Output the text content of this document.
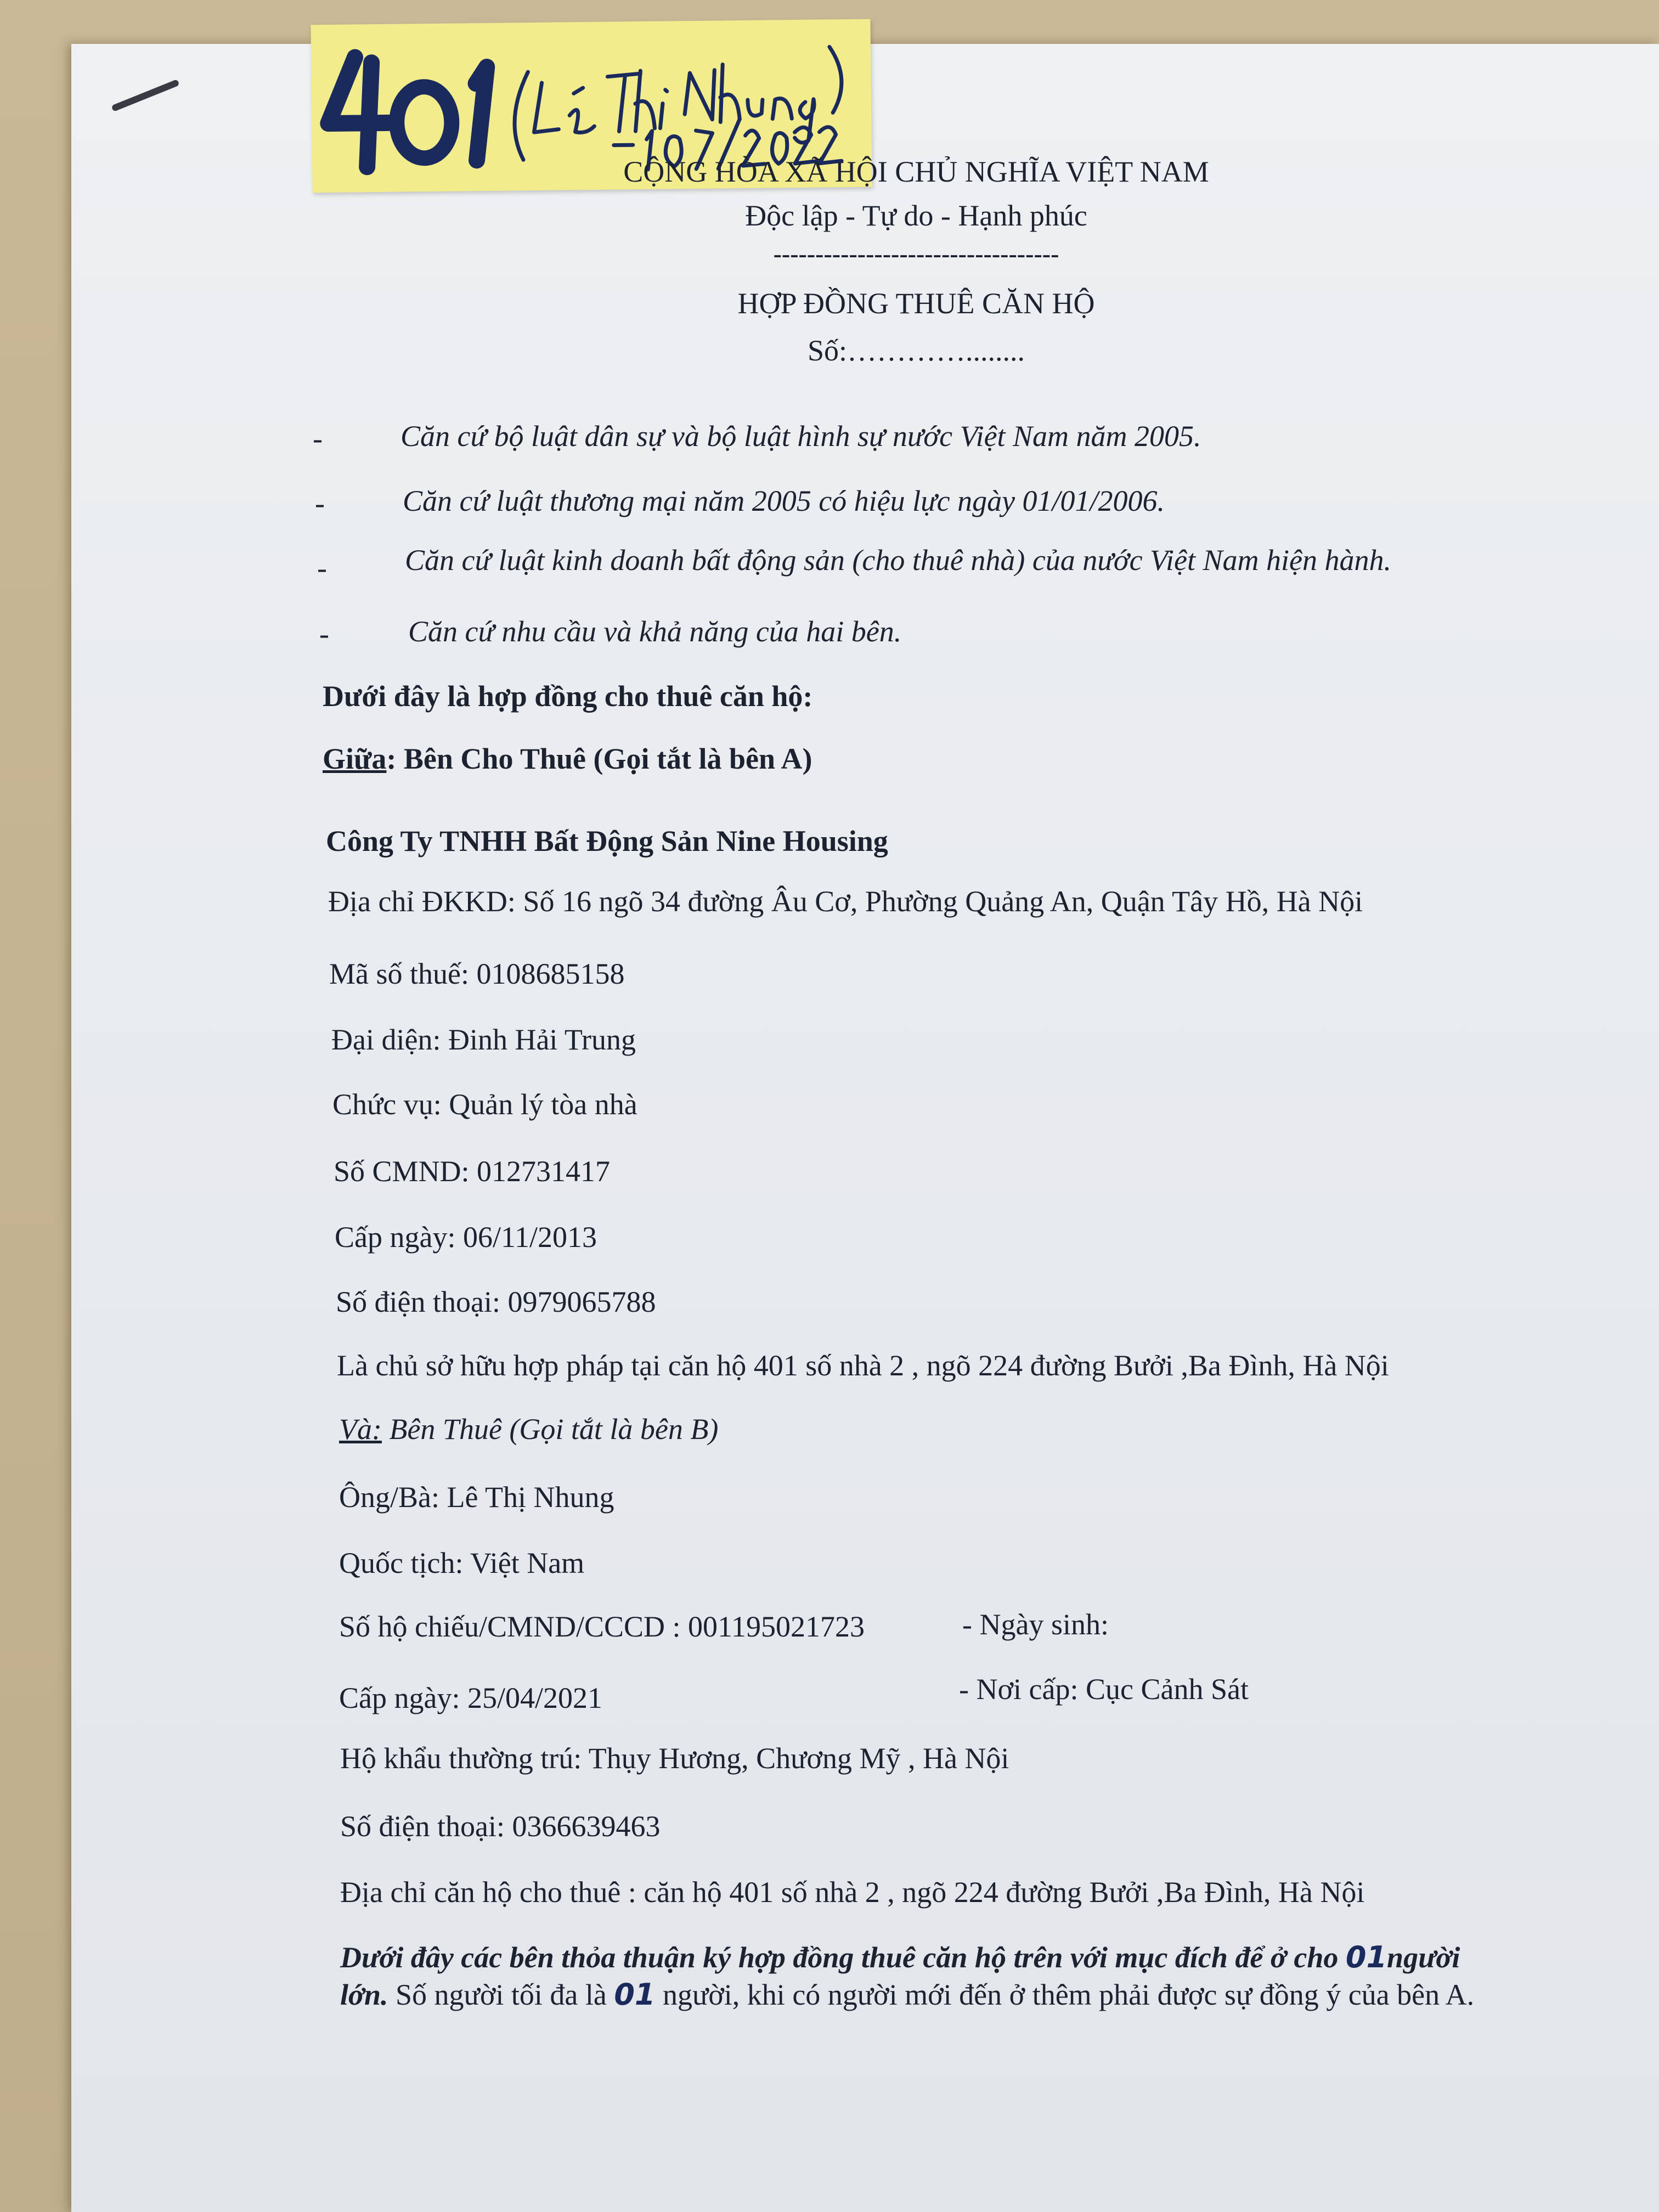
CỘNG HÒA XÃ HỘI CHỦ NGHĨA VIỆT NAM
Độc lập - Tự do - Hạnh phúc
----------------------------------
HỢP ĐỒNG THUÊ CĂN HỘ
Số:…………........
-	Căn cứ bộ luật dân sự và bộ luật hình sự nước Việt Nam năm 2005.
-	Căn cứ luật thương mại năm 2005 có hiệu lực ngày 01/01/2006.
-	Căn cứ luật kinh doanh bất động sản (cho thuê nhà) của nước Việt Nam hiện hành.
-	Căn cứ nhu cầu và khả năng của hai bên.
Dưới đây là hợp đồng cho thuê căn hộ:
Giữa: Bên Cho Thuê (Gọi tắt là bên A)
Công Ty TNHH Bất Động Sản Nine Housing
Địa chỉ ĐKKD: Số 16 ngõ 34 đường Âu Cơ, Phường Quảng An, Quận Tây Hồ, Hà Nội
Mã số thuế: 0108685158
Đại diện: Đinh Hải Trung
Chức vụ: Quản lý tòa nhà
Số CMND: 012731417
Cấp ngày: 06/11/2013
Số điện thoại: 0979065788
Là chủ sở hữu hợp pháp tại căn hộ 401 số nhà 2 , ngõ 224 đường Bưởi ,Ba Đình, Hà Nội
Và: Bên Thuê (Gọi tắt là bên B)
Ông/Bà: Lê Thị Nhung
Quốc tịch: Việt Nam
Số hộ chiếu/CMND/CCCD : 001195021723	- Ngày sinh:
Cấp ngày: 25/04/2021	- Nơi cấp: Cục Cảnh Sát
Hộ khẩu thường trú: Thụy Hương, Chương Mỹ , Hà Nội
Số điện thoại: 0366639463
Địa chỉ căn hộ cho thuê : căn hộ 401 số nhà 2 , ngõ 224 đường Bưởi ,Ba Đình, Hà Nội
Dưới đây các bên thỏa thuận ký hợp đồng thuê căn hộ trên với mục đích để ở cho 01người
lớn. Số người tối đa là 01 người, khi có người mới đến ở thêm phải được sự đồng ý của bên A.
